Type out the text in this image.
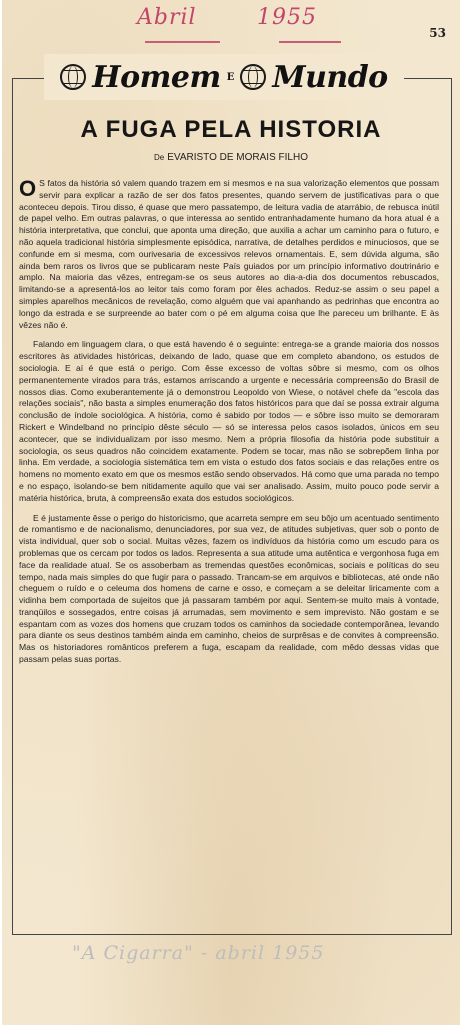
Abril	1955
53
Homem E Mundo
A FUGA PELA HISTORIA
De EVARISTO DE MORAIS FILHO

O S fatos da história só valem quando trazem em si mesmos e na sua valorização elementos que possam servir para explicar a razão de ser dos fatos presentes, quando servem de justificativas para o que aconteceu depois. Tirou disso, é quase que mero passatempo, de leitura vadia de atarrábio, de rebusca inútil de papel velho. Em outras palavras, o que interessa ao sentido entranhadamente humano da hora atual é a história interpretativa, que conclui, que aponta uma direção, que auxilia a achar um caminho para o futuro, e não aquela tradicional história simplesmente episódica, narrativa, de detalhes perdidos e minuciosos, que se confunde em si mesma, com ourivesaria de excessivos relevos ornamentais. E, sem dúvida alguma, são ainda bem raros os livros que se publicaram neste País guiados por um princípio informativo doutrinário e amplo. Na maioria das vêzes, entregam-se os seus autores ao dia-a-dia dos documentos rebuscados, limitando-se a apresentá-los ao leitor tais como foram por êles achados. Reduz-se assim o seu papel a simples aparelhos mecânicos de revelação, como alguém que vai apanhando as pedrinhas que encontra ao longo da estrada e se surpreende ao bater com o pé em alguma coisa que lhe pareceu um brilhante. E às vêzes não é.

Falando em linguagem clara, o que está havendo é o seguinte: entrega-se a grande maioria dos nossos escritores às atividades históricas, deixando de lado, quase que em completo abandono, os estudos de sociologia. E aí é que está o perigo. Com êsse excesso de voltas sôbre si mesmo, com os olhos permanentemente virados para trás, estamos arriscando a urgente e necessária compreensão do Brasil de nossos dias. Como exuberantemente já o demonstrou Leopoldo von Wiese, o notável chefe da "escola das relações sociais", não basta a simples enumeração dos fatos históricos para que daí se possa extrair alguma conclusão de índole sociológica. A história, como é sabido por todos — e sôbre isso muito se demoraram Rickert e Windelband no princípio dêste século — só se interessa pelos casos isolados, únicos em seu acontecer, que se individualizam por isso mesmo. Nem a própria filosofia da história pode substituir a sociologia, os seus quadros não coincidem exatamente. Podem se tocar, mas não se sobrepõem linha por linha. Em verdade, a sociologia sistemática tem em vista o estudo dos fatos sociais e das relações entre os homens no momento exato em que os mesmos estão sendo observados. Há como que uma parada no tempo e no espaço, isolando-se bem nitidamente aquilo que vai ser analisado. Assim, muito pouco pode servir a matéria histórica, bruta, à compreensão exata dos estudos sociológicos.

E é justamente êsse o perigo do historicismo, que acarreta sempre em seu bôjo um acentuado sentimento de romantismo e de nacionalismo, denunciadores, por sua vez, de atitudes subjetivas, quer sob o ponto de vista individual, quer sob o social. Muitas vêzes, fazem os indivíduos da história como um escudo para os problemas que os cercam por todos os lados. Representa a sua atitude uma autêntica e vergonhosa fuga em face da realidade atual. Se os assoberbam as tremendas questões econômicas, sociais e políticas do seu tempo, nada mais simples do que fugir para o passado. Trancam-se em arquivos e bibliotecas, até onde não cheguem o ruído e o celeuma dos homens de carne e osso, e começam a se deleitar liricamente com a vidinha bem comportada de sujeitos que já passaram também por aqui. Sentem-se muito mais à vontade, tranqüilos e sossegados, entre coisas já arrumadas, sem movimento e sem imprevisto. Não gostam e se espantam com as vozes dos homens que cruzam todos os caminhos da sociedade contemporânea, levando para diante os seus destinos também ainda em caminho, cheios de surprêsas e de convites à compreensão. Mas os historiadores românticos preferem a fuga, escapam da realidade, com mêdo dessas vidas que passam pelas suas portas.

"A Cigarra" - abril 1955
